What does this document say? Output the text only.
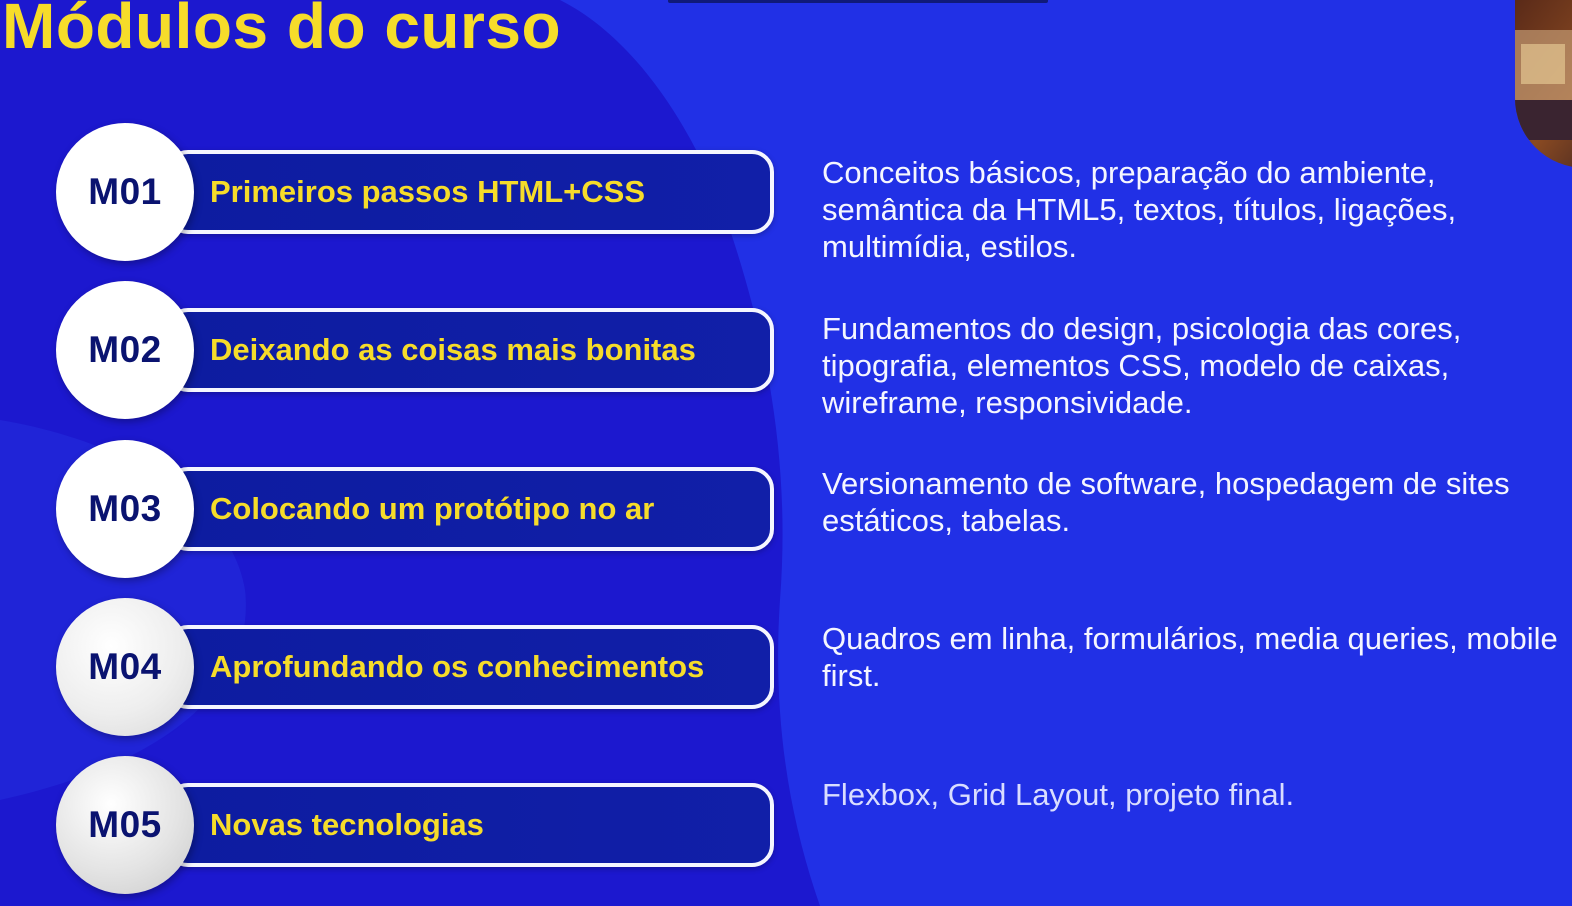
Módulos do curso
Primeiros passos HTML+CSS
M01	Conceitos básicos, preparação do ambiente, semântica da HTML5, textos, títulos, ligações, multimídia, estilos.

Deixando as coisas mais bonitas
M02

Fundamentos do design, psicologia das cores, tipografia, elementos CSS, modelo de caixas, wireframe, responsividade.

Colocando um protótipo no ar
M03

Versionamento de software, hospedagem de sites estáticos, tabelas.

Aprofundando os conhecimentos
M04

Quadros em linha, formulários, media queries, mobile first.

Novas tecnologias
M05

Flexbox, Grid Layout, projeto final.
